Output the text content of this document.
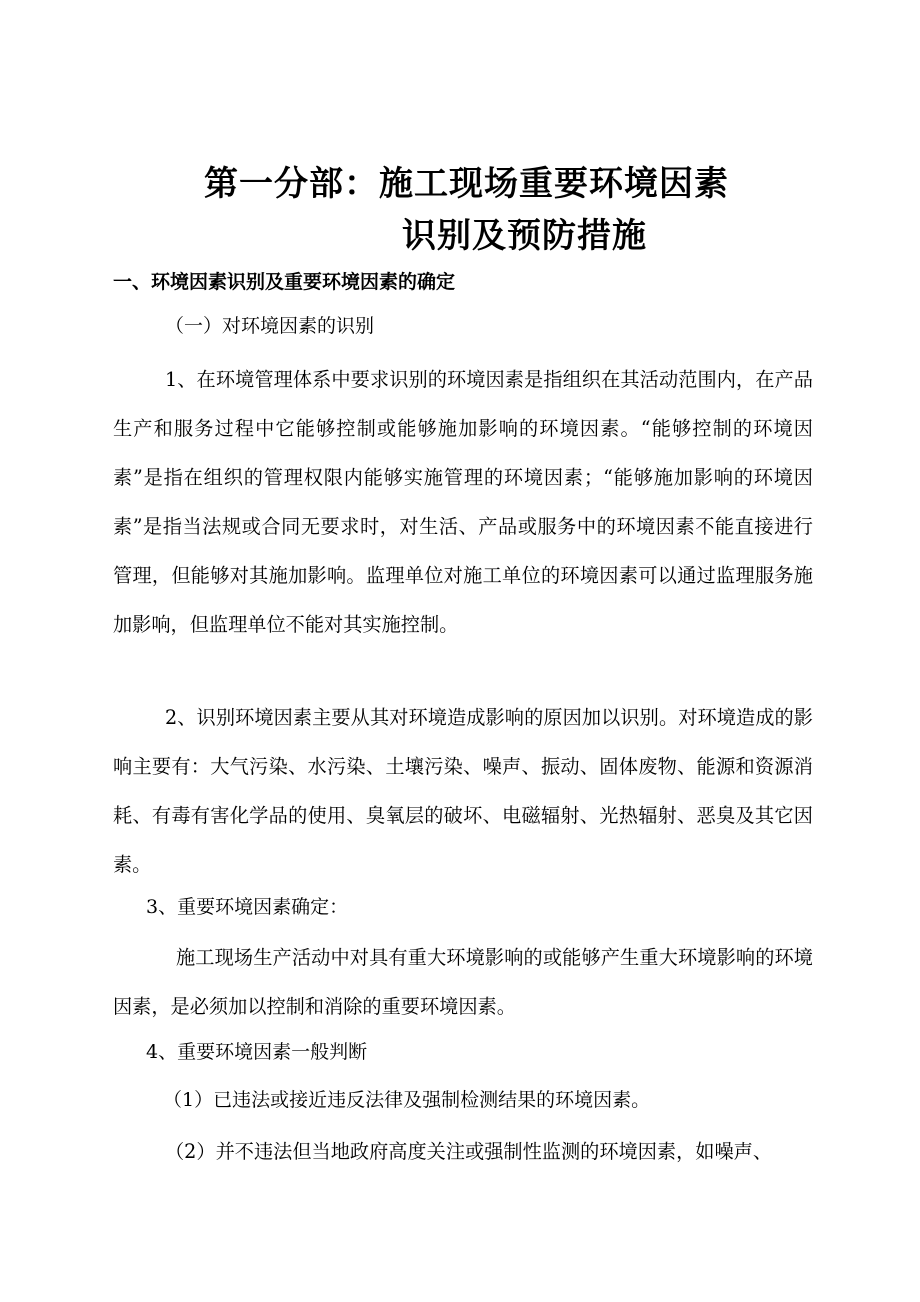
第一分部：施工现场重要环境因素
识别及预防措施
一、环境因素识别及重要环境因素的确定
（一）对环境因素的识别

1、在环境管理体系中要求识别的环境因素是指组织在其活动范围内，在产品生产和服务过程中它能够控制或能够施加影响的环境因素。“能够控制的环境因素”是指在组织的管理权限内能够实施管理的环境因素；“能够施加影响的环境因素”是指当法规或合同无要求时，对生活、产品或服务中的环境因素不能直接进行管理，但能够对其施加影响。监理单位对施工单位的环境因素可以通过监理服务施加影响，但监理单位不能对其实施控制。

2、识别环境因素主要从其对环境造成影响的原因加以识别。对环境造成的影响主要有：大气污染、水污染、土壤污染、噪声、振动、固体废物、能源和资源消耗、有毒有害化学品的使用、臭氧层的破坏、电磁辐射、光热辐射、恶臭及其它因素。

3、重要环境因素确定：

施工现场生产活动中对具有重大环境影响的或能够产生重大环境影响的环境因素，是必须加以控制和消除的重要环境因素。

4、重要环境因素一般判断
（1）已违法或接近违反法律及强制检测结果的环境因素。

（2）并不违法但当地政府高度关注或强制性监测的环境因素，如噪声、
